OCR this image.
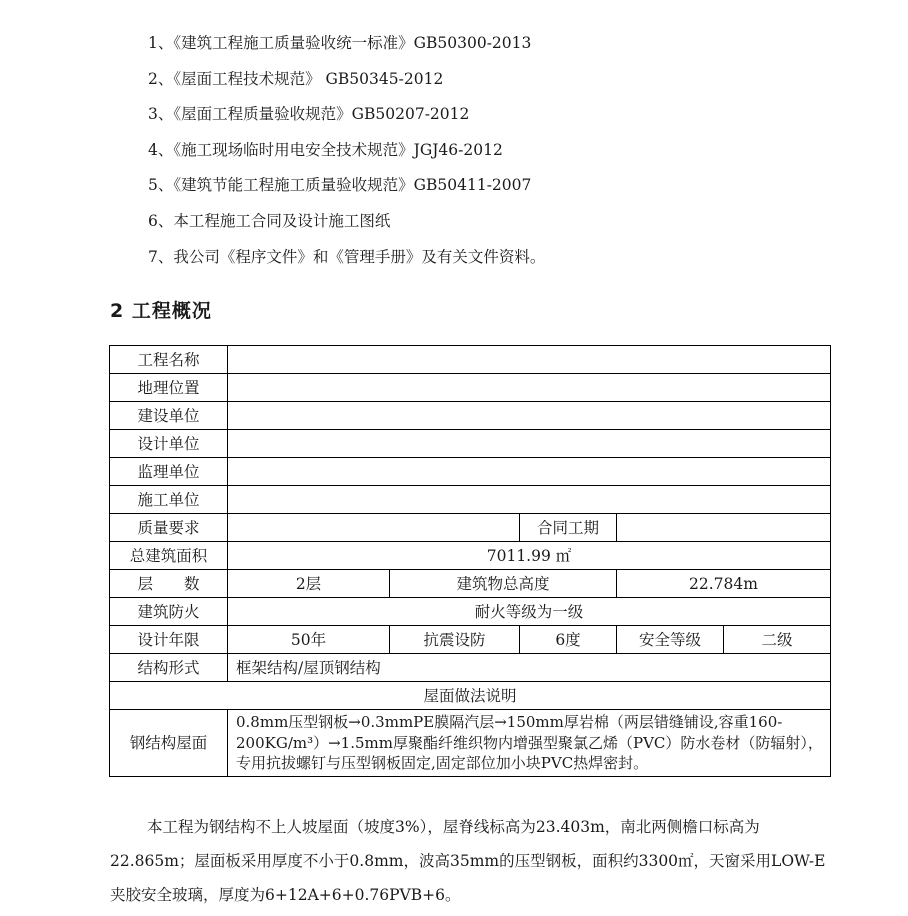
1、《建筑工程施工质量验收统一标准》GB50300-2013
2、《屋面工程技术规范》 GB50345-2012
3、《屋面工程质量验收规范》GB50207-2012
4、《施工现场临时用电安全技术规范》JGJ46-2012
5、《建筑节能工程施工质量验收规范》GB50411-2007
6、本工程施工合同及设计施工图纸
7、我公司《程序文件》和《管理手册》及有关文件资料。
2 工程概况
工程名称					
地理位置					
建设单位					
设计单位					
监理单位					
施工单位					
质量要求			合同工期		
总建筑面积	7011.99 ㎡				
层　　数	2层	建筑物总高度		22.784m	
建筑防火	耐火等级为一级				
设计年限	50年	抗震设防	6度	安全等级	二级
结构形式	框架结构/屋顶钢结构				
屋面做法说明					
钢结构屋面	0.8mm压型钢板→0.3mmPE膜隔汽层→150mm厚岩棉（两层错缝铺设,容重160-200KG/m³）→1.5mm厚聚酯纤维织物内增强型聚氯乙烯（PVC）防水卷材（防辐射），专用抗拔螺钉与压型钢板固定,固定部位加小块PVC热焊密封。				

本工程为钢结构不上人坡屋面（坡度3%），屋脊线标高为23.403m，南北两侧檐口标高为22.865m；屋面板采用厚度不小于0.8mm，波高35mm的压型钢板，面积约3300㎡，天窗采用LOW-E夹胶安全玻璃，厚度为6+12A+6+0.76PVB+6。
